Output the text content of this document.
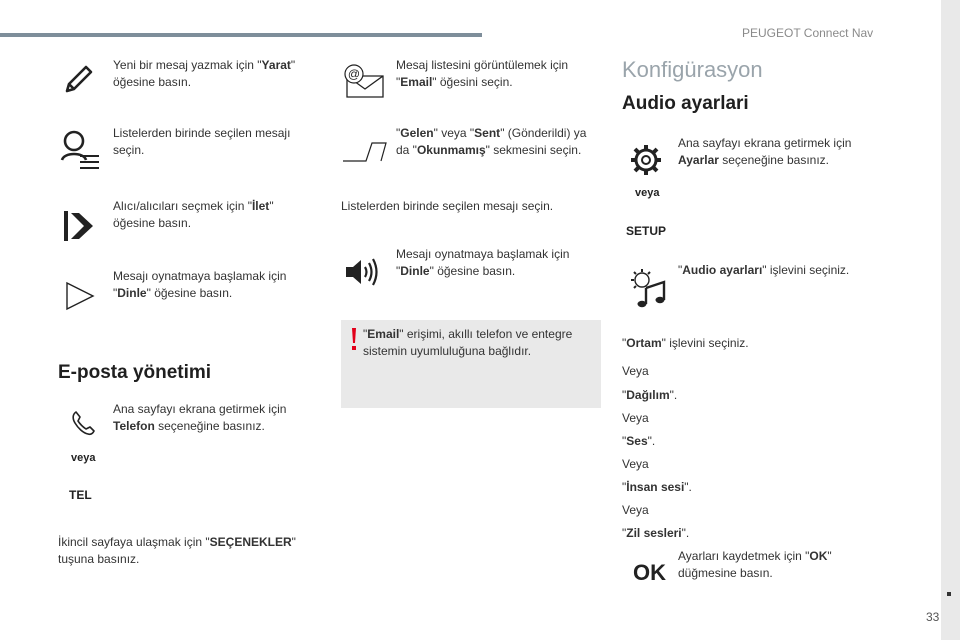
PEUGEOT Connect Nav
33
Yeni bir mesaj yazmak için "Yarat" öğesine basın.
Listelerden birinde seçilen mesajı seçin.
Alıcı/alıcıları seçmek için "İlet" öğesine basın.
Mesajı oynatmaya başlamak için "Dinle" öğesine basın.
E-posta yönetimi
Ana sayfayı ekrana getirmek için Telefon seçeneğine basınız.
veya
TEL
İkincil sayfaya ulaşmak için "SEÇENEKLER" tuşuna basınız.
@
Mesaj listesini görüntülemek için "Email" öğesini seçin.
"Gelen" veya "Sent" (Gönderildi) ya da "Okunmamış" sekmesini seçin.
Listelerden birinde seçilen mesajı seçin.
Mesajı oynatmaya başlamak için "Dinle" öğesine basın.
"Email" erişimi, akıllı telefon ve entegre sistemin uyumluluğuna bağlıdır.
Konfigürasyon
Audio ayarlari
Ana sayfayı ekrana getirmek için Ayarlar seçeneğine basınız.
veya
SETUP
"Audio ayarları" işlevini seçiniz.
"Ortam" işlevini seçiniz.
Veya
"Dağılım".
Veya
"Ses".
Veya
"İnsan sesi".
Veya
"Zil sesleri".
OK
Ayarları kaydetmek için "OK" düğmesine basın.
